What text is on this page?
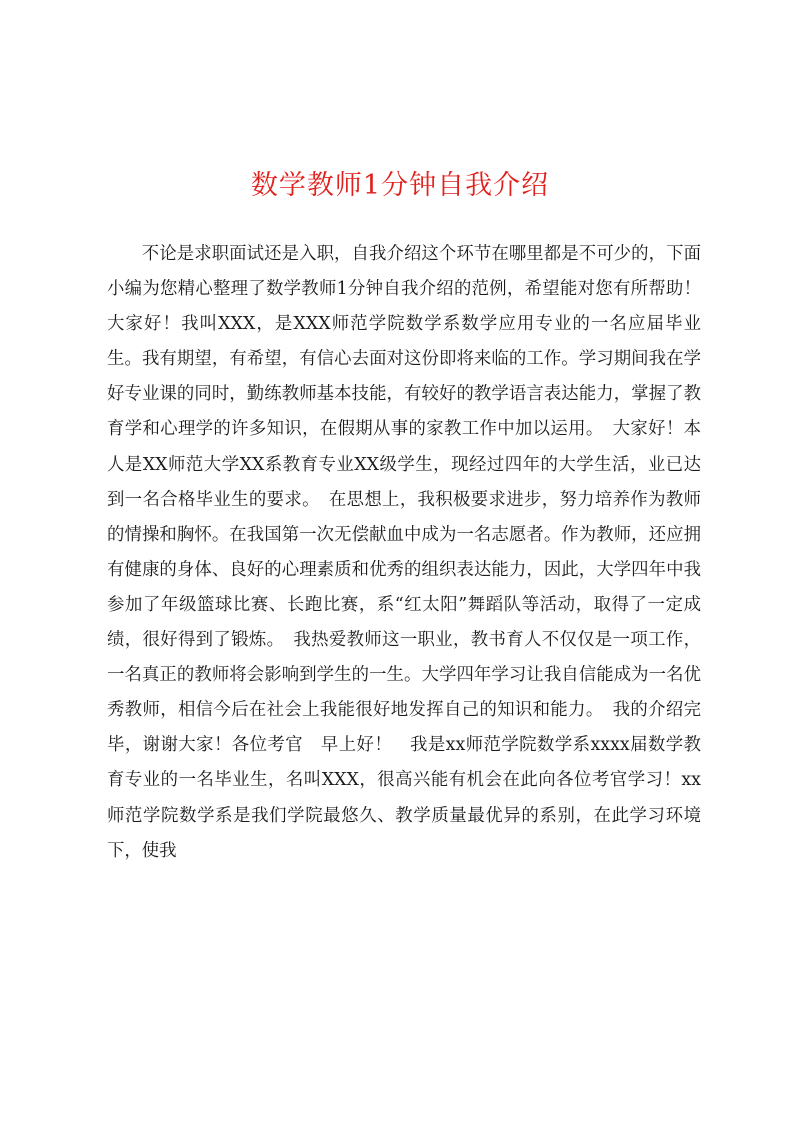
数学教师1分钟自我介绍

不论是求职面试还是入职，自我介绍这个环节在哪里都是不可少的，下面小编为您精心整理了数学教师1分钟自我介绍的范例，希望能对您有所帮助！　大家好！我叫XXX，是XXX师范学院数学系数学应用专业的一名应届毕业生。我有期望，有希望，有信心去面对这份即将来临的工作。学习期间我在学好专业课的同时，勤练教师基本技能，有较好的教学语言表达能力，掌握了教育学和心理学的许多知识，在假期从事的家教工作中加以运用。　大家好！本人是XX师范大学XX系教育专业XX级学生，现经过四年的大学生活，业已达到一名合格毕业生的要求。　在思想上，我积极要求进步，努力培养作为教师的情操和胸怀。在我国第一次无偿献血中成为一名志愿者。作为教师，还应拥有健康的身体、良好的心理素质和优秀的组织表达能力，因此，大学四年中我参加了年级篮球比赛、长跑比赛，系“红太阳”舞蹈队等活动，取得了一定成绩，很好得到了锻炼。　我热爱教师这一职业，教书育人不仅仅是一项工作，一名真正的教师将会影响到学生的一生。大学四年学习让我自信能成为一名优秀教师，相信今后在社会上我能很好地发挥自己的知识和能力。　我的介绍完毕，谢谢大家！各位考官　早上好！　我是xx师范学院数学系xxxx届数学教育专业的一名毕业生，名叫XXX，很高兴能有机会在此向各位考官学习！xx师范学院数学系是我们学院最悠久、教学质量最优异的系别，在此学习环境下，使我
